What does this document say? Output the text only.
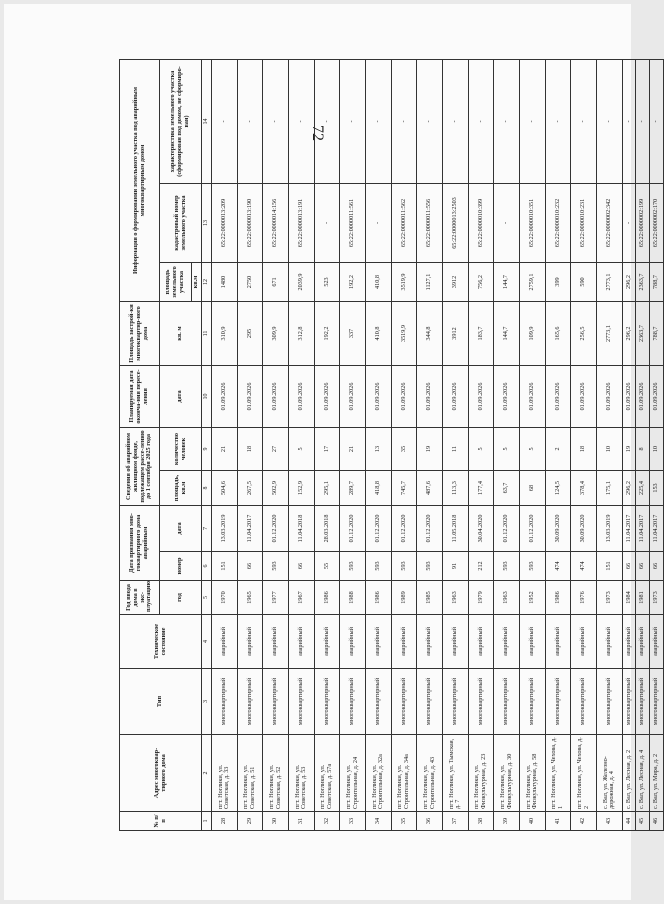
72
№ п/п	Адрес многоквар-тирного дома	Тип	Техническое состояние	Год ввода дома в экс-плуатацию	Дата признания мно-гоквартирного дома аварийным		Сведения об аварийном жилищном фонде, подлежащем рассе-лению до 1 сентября 2025 года		Планируемая дата оконча-ния пересе-ления	Площадь застрой-ки многоквартир-ного дома	Информация о формировании земельного участка под аварийным многоквартирным домом		
				год	номер	дата	площадь, кв.м	количество человек	дата	кв. м	площадь земельного участка	кадастровый номер земельного участка	характеристика земельного участка (сформирован под домом, не сформиро-ван)
											кв.м		
1	2	3	4	5	6	7	8	9	10	11	12	13	14
28	пгт. Ноглики, ул. Советская, д. 33	многоквартирный	аварийный	1970	151	13.03.2019	504,6	21	01.09.2026	310,9	1480	65:22:0000013:209	-
29	пгт. Ноглики, ул. Советская, д. 51	многоквартирный	аварийный	1965	66	11.04.2017	267,5	18	01.09.2026	295	2750	65:22:0000013:190	-
30	пгт. Ноглики, ул. Советская, д. 52	многоквартирный	аварийный	1977	593	01.12.2020	502,9	27	01.09.2026	309,9	671	65:22:0000014:156	-
31	пгт. Ноглики, ул. Советская, д. 53	многоквартирный	аварийный	1967	66	11.04.2018	152,9	5	01.09.2026	312,8	2039,9	65:22:0000013:191	-
32	пгт. Ноглики, ул. Советская, д. 57а	многоквартирный	аварийный	1986	55	28.03.2018	295,1	17	01.09.2026	192,2	523	-	-
33	пгт. Ноглики, ул. Строительная, д. 24	многоквартирный	аварийный	1988	593	01.12.2020	289,7	21	01.09.2026	337	192,2	65:22:0000011:561	-
34	пгт. Ноглики, ул. Строительная, д. 32а	многоквартирный	аварийный	1986	593	01.12.2020	418,8	13	01.09.2026	410,8	410,8	-	-
35	пгт. Ноглики, ул. Строительная, д. 34а	многоквартирный	аварийный	1989	593	01.12.2020	745,7	35	01.09.2026	3519,9	3519,9	65:22:0000011:562	-
36	пгт. Ноглики, ул. Строительная, д. 43	многоквартирный	аварийный	1985	593	01.12.2020	487,6	19	01.09.2026	344,8	1127,1	65:22:0000011:556	-
37	пгт. Ноглики, ул. Тымская, д. 7	многоквартирный	аварийный	1963	91	11.05.2018	113,3	11	01.09.2026	3912	3912	65:22:0000013:2503	-
38	пгт. Ноглики, ул. Физкультурная, д. 23	многоквартирный	аварийный	1979	212	30.04.2020	177,4	5	01.09.2026	183,7	756,2	65:22:0000010:399	-
39	пгт. Ноглики, ул. Физкультурная, д. 30	многоквартирный	аварийный	1963	593	01.12.2020	63,7	5	01.09.2026	144,7	144,7	-	-
40	пгт. Ноглики, ул. Физкультурная, д. 58	многоквартирный	аварийный	1952	593	01.12.2020	68	5	01.09.2026	109,9	2759,1	65:22:0000010:351	-
41	пгт. Ноглики, ул. Чехова, д. 1	многоквартирный	аварийный	1986	474	30.09.2020	124,5	2	01.09.2026	165,6	399	65:22:0000010:232	-
42	пгт. Ноглики, ул. Чехова, д. 2	многоквартирный	аварийный	1976	474	30.09.2020	378,4	18	01.09.2026	256,5	590	65:22:0000010:231	-
43	с. Вал, ул. Железно-дорожная, д. 4	многоквартирный	аварийный	1973	151	13.03.2019	175,1	10	01.09.2026	2773,1	2773,1	65:22:0000002:342	-
44	с. Вал, ул. Лесная, д. 2	многоквартирный	аварийный	1984	66	11.04.2017	296,2	19	01.09.2026	296,2	296,2	-	-
45	с. Вал, ул. Лесная, д. 4	многоквартирный	аварийный	1981	66	11.04.2017	225,4	8	01.09.2026	2363,7	2363,7	65:22:0000002:199	-
46	с. Вал, ул. Мира, д. 2	многоквартирный	аварийный	1973	66	11.04.2017	153	10	01.09.2026	788,7	788,7	65:22:0000002:170	-
